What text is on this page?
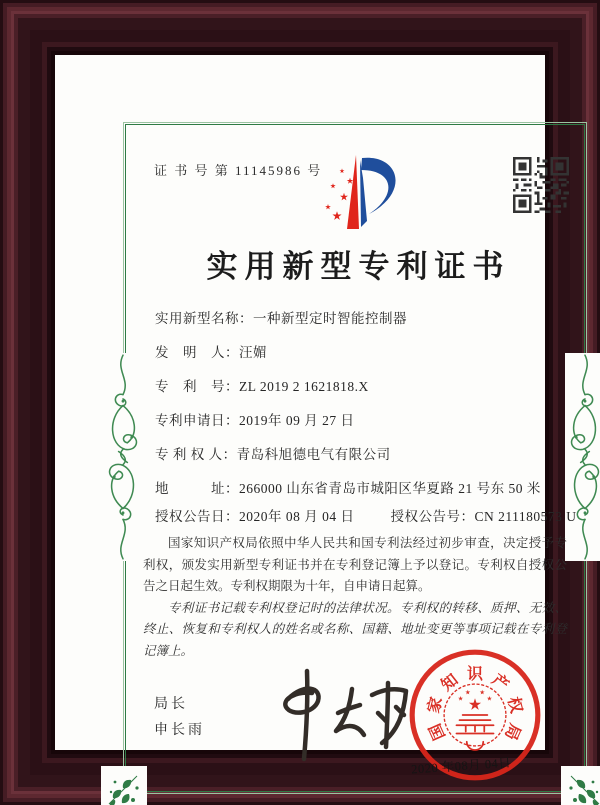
证 书 号 第 11145986 号
实用新型专利证书
实用新型名称：一种新型定时智能控制器
发　明　人：汪媚
专　利　号：ZL 2019 2 1621818.X
专利申请日：2019年 09 月 27 日
专 利 权 人：青岛科旭德电气有限公司
地　　　址：266000 山东省青岛市城阳区华夏路 21 号东 50 米
授权公告日：2020年 08 月 04 日	授权公告号：CN 211180573 U

国家知识产权局依照中华人民共和国专利法经过初步审查，决定授予专利权，颁发实用新型专利证书并在专利登记簿上予以登记。专利权自授权公告之日起生效。专利权期限为十年，自申请日起算。

专利证书记载专利权登记时的法律状况。专利权的转移、质押、无效、终止、恢复和专利权人的姓名或名称、国籍、地址变更等事项记载在专利登记簿上。

局长
申长雨	国
家
知 识 产
权
局
2020 年08月 04日
